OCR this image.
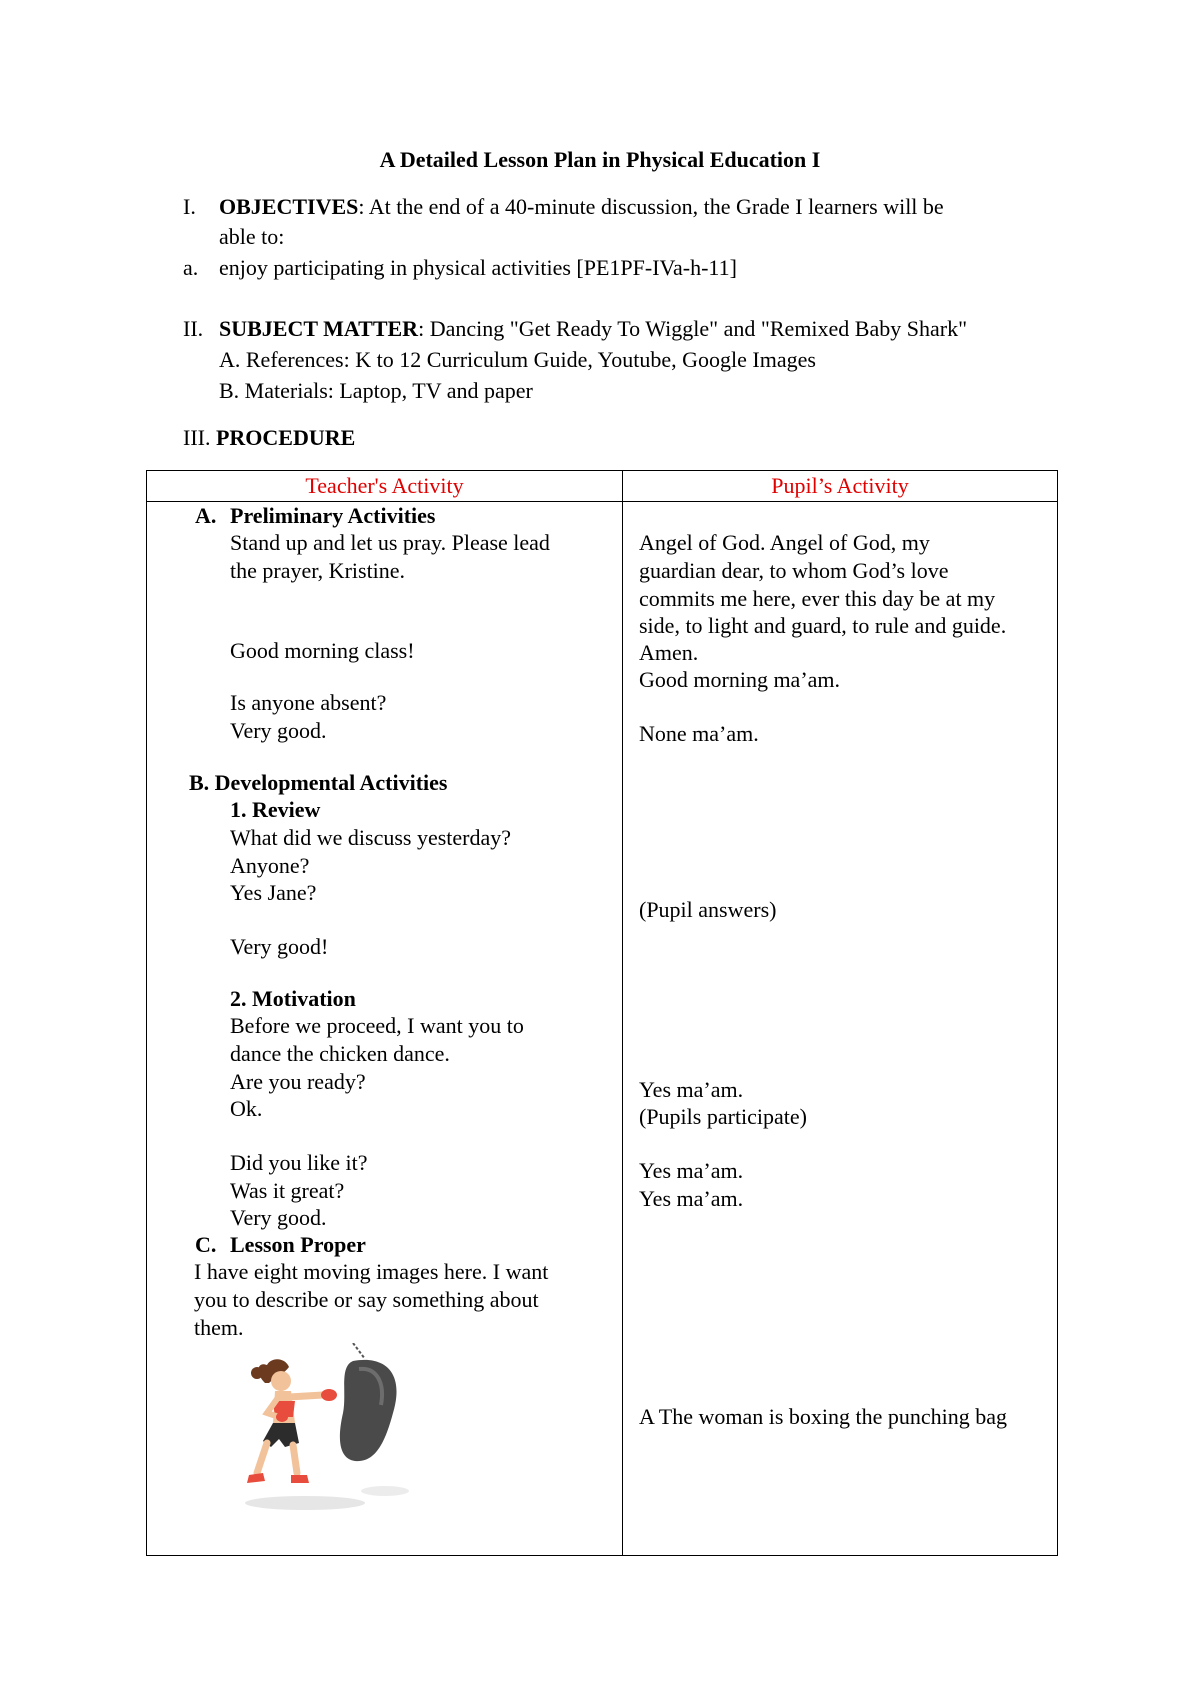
A Detailed Lesson Plan in Physical Education I
I. OBJECTIVES: At the end of a 40-minute discussion, the Grade I learners will be
able to:
a. enjoy participating in physical activities [PE1PF-IVa-h-11]
II. SUBJECT MATTER: Dancing "Get Ready To Wiggle" and "Remixed Baby Shark"
A. References: K to 12 Curriculum Guide, Youtube, Google Images
B. Materials: Laptop, TV and paper
III. PROCEDURE
Teacher's Activity	Pupil’s Activity
A. Preliminary Activities
Stand up and let us pray. Please lead
the prayer, Kristine.
Good morning class!
Is anyone absent?
Very good.
B. Developmental Activities
1. Review
What did we discuss yesterday?
Anyone?
Yes Jane?
Very good!
2. Motivation
Before we proceed, I want you to
dance the chicken dance.
Are you ready?
Ok.
Did you like it?
Was it great?
Very good.
C. Lesson Proper
I have eight moving images here. I want
you to describe or say something about
them.
Angel of God. Angel of God, my
guardian dear, to whom God’s love
commits me here, ever this day be at my
side, to light and guard, to rule and guide.
Amen.
Good morning ma’am.
None ma’am.
(Pupil answers)
Yes ma’am.
(Pupils participate)
Yes ma’am.
Yes ma’am.
A The woman is boxing the punching bag
